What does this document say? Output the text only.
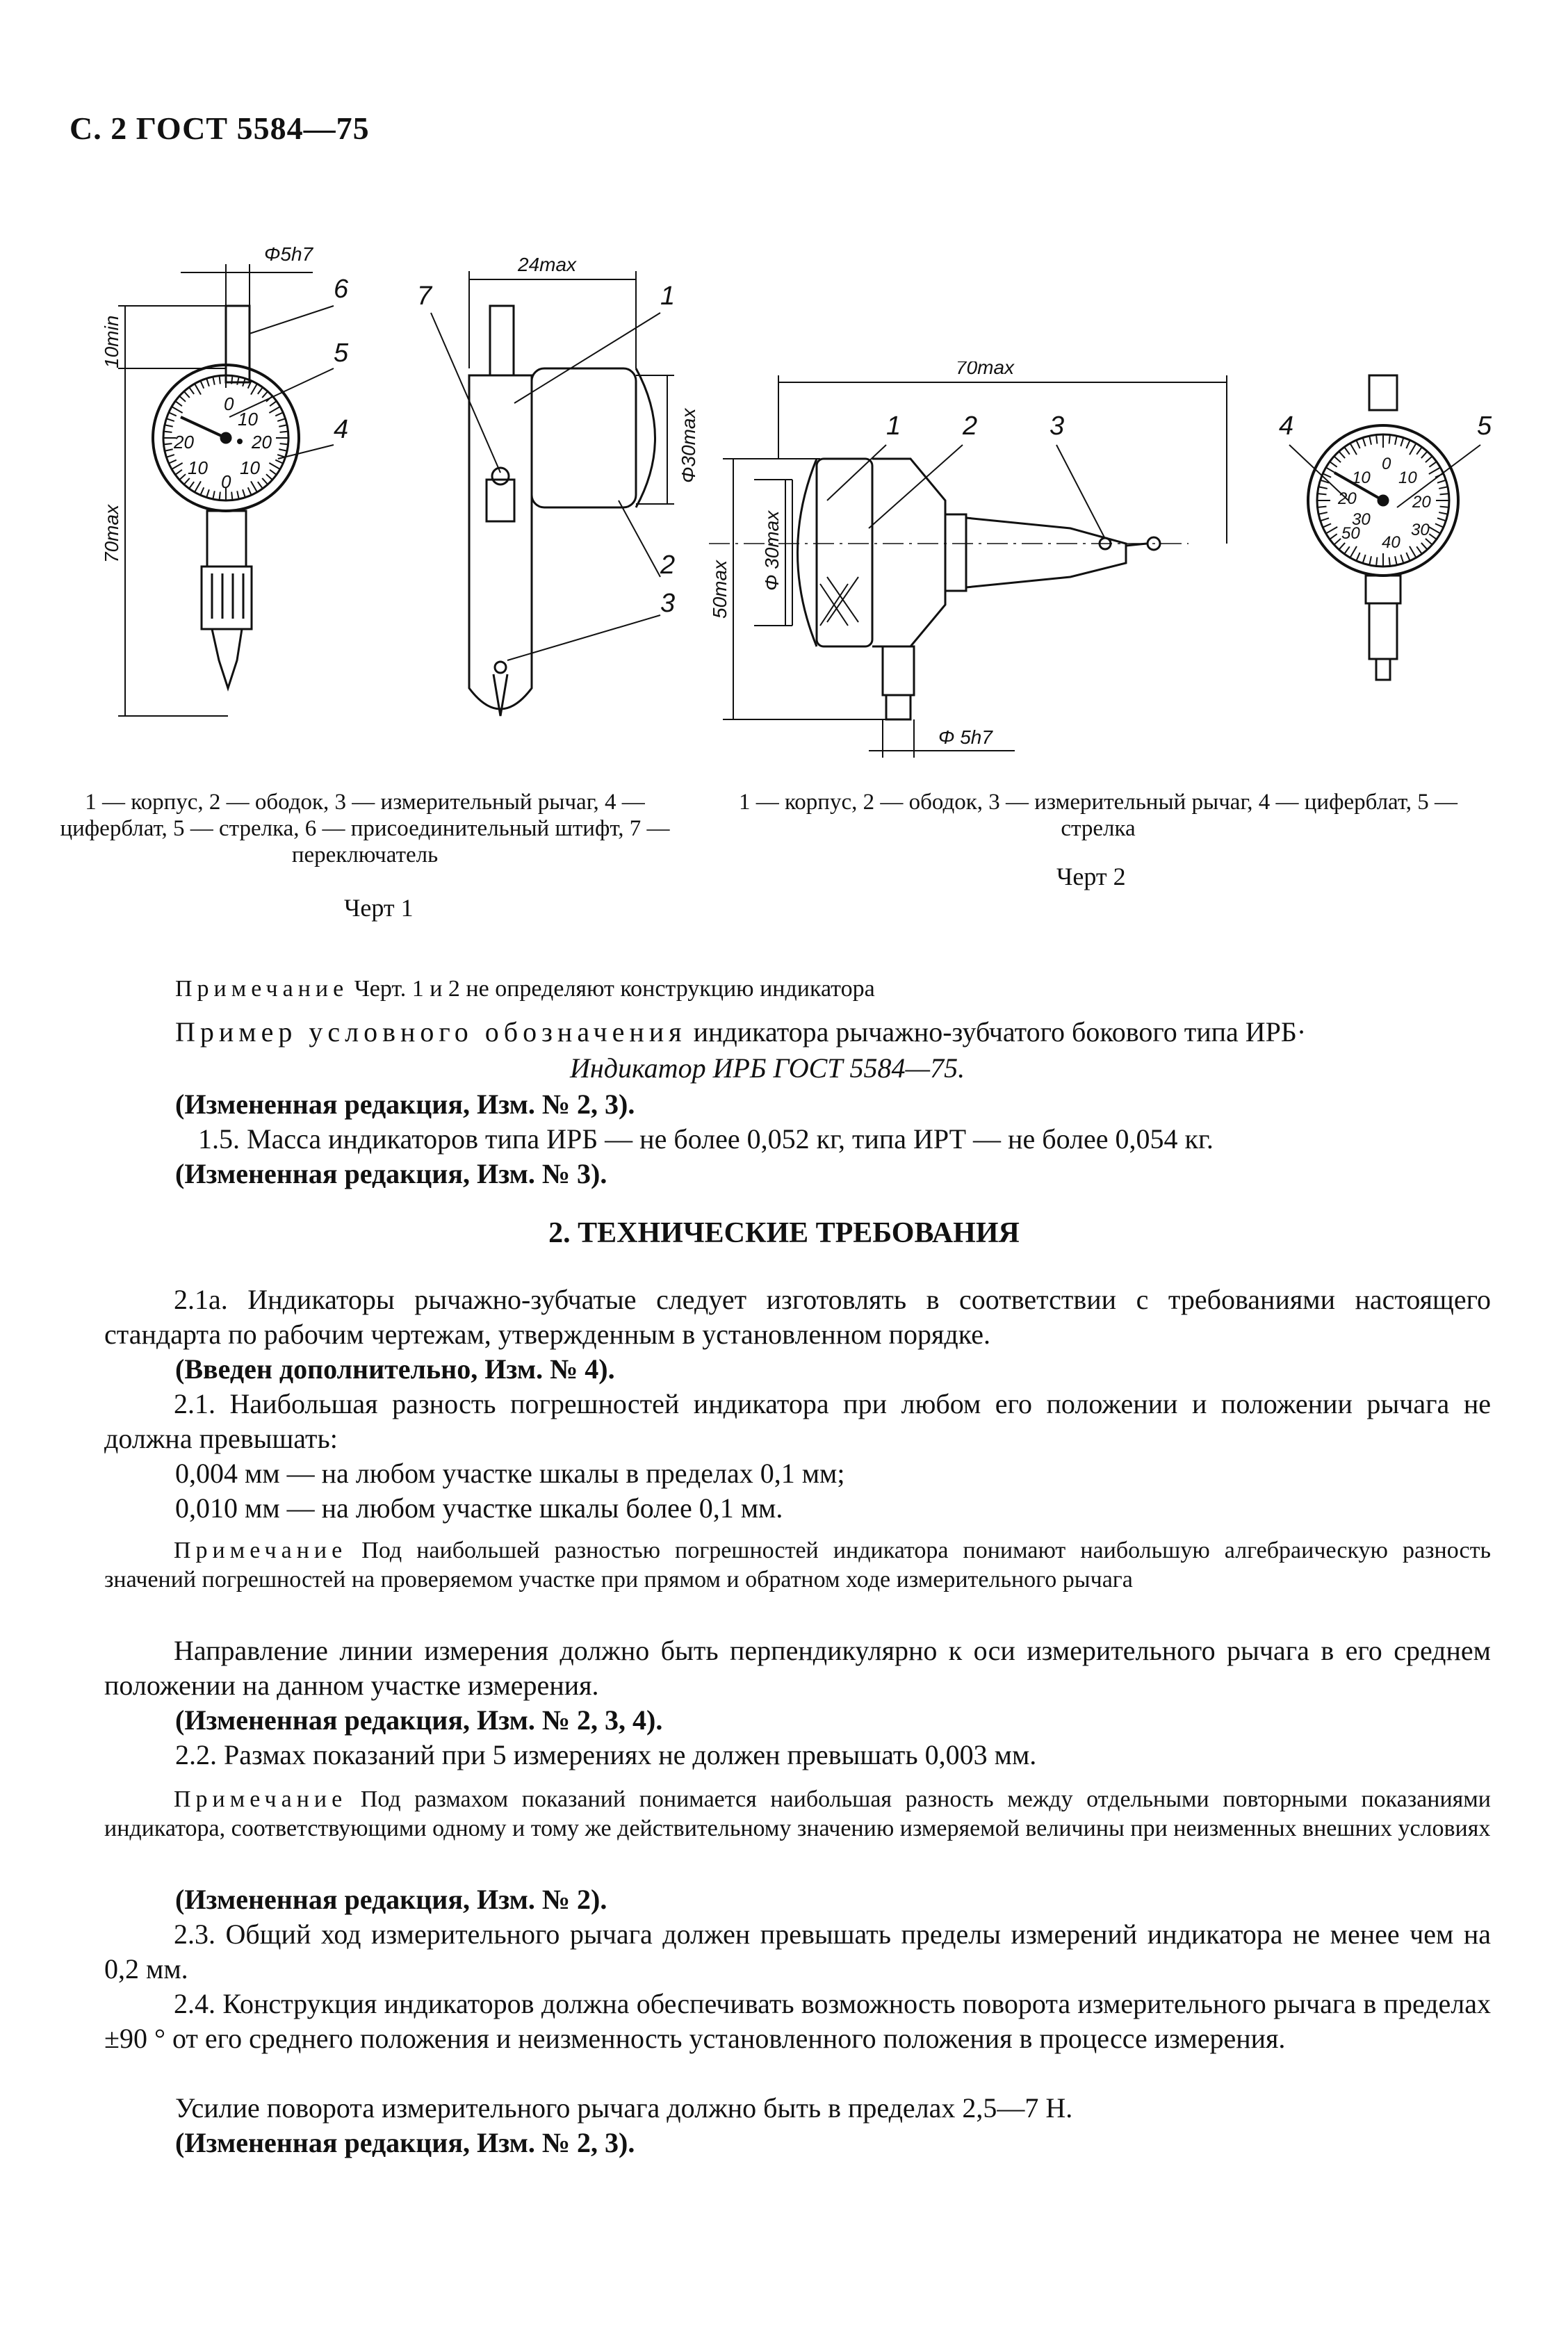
С. 2 ГОСТ 5584—75
0
10
20
20
10
0
10
Φ5h7	24max
10min
70max
Φ30max
6
5
4
7	1
2
3
1 — корпус, 2 — ободок, 3 — измерительный рычаг, 4 — циферблат, 5 — стрелка, 6 — присоединительный штифт, 7 — переключатель
Черт 1
0
10
20
20
10
30
30
40
50
70max
50max Φ 30max
Φ 5h7
1 2	3	4	5
1 — корпус, 2 — ободок, 3 — измерительный рычаг, 4 — циферблат, 5 — стрелка
Черт 2
Примечание Черт. 1 и 2 не определяют конструкцию индикатора
Пример условного обозначения индикатора рычажно-зубчатого бокового типа ИРБ·
Индикатор ИРБ ГОСТ 5584—75.
(Измененная редакция, Изм. № 2, 3).
1.5. Масса индикаторов типа ИРБ — не более 0,052 кг, типа ИРТ — не более 0,054 кг.
(Измененная редакция, Изм. № 3).
2. ТЕХНИЧЕСКИЕ ТРЕБОВАНИЯ
2.1а. Индикаторы рычажно-зубчатые следует изготовлять в соответствии с требованиями настоящего стандарта по рабочим чертежам, утвержденным в установленном порядке.
(Введен дополнительно, Изм. № 4).
2.1. Наибольшая разность погрешностей индикатора при любом его положении и положении рычага не должна превышать:
0,004 мм — на любом участке шкалы в пределах 0,1 мм;
0,010 мм — на любом участке шкалы более 0,1 мм.
Примечание Под наибольшей разностью погрешностей индикатора понимают наибольшую алгебраическую разность значений погрешностей на проверяемом участке при прямом и обратном ходе измерительного рычага
Направление линии измерения должно быть перпендикулярно к оси измерительного рычага в его среднем положении на данном участке измерения.
(Измененная редакция, Изм. № 2, 3, 4).
2.2. Размах показаний при 5 измерениях не должен превышать 0,003 мм.
Примечание Под размахом показаний понимается наибольшая разность между отдельными повторными показаниями индикатора, соответствующими одному и тому же действительному значению измеряемой величины при неизменных внешних условиях
(Измененная редакция, Изм. № 2).
2.3. Общий ход измерительного рычага должен превышать пределы измерений индикатора не менее чем на 0,2 мм.
2.4. Конструкция индикаторов должна обеспечивать возможность поворота измерительного рычага в пределах ±90 ° от его среднего положения и неизменность установленного положения в процессе измерения.
Усилие поворота измерительного рычага должно быть в пределах 2,5—7 Н.
(Измененная редакция, Изм. № 2, 3).
